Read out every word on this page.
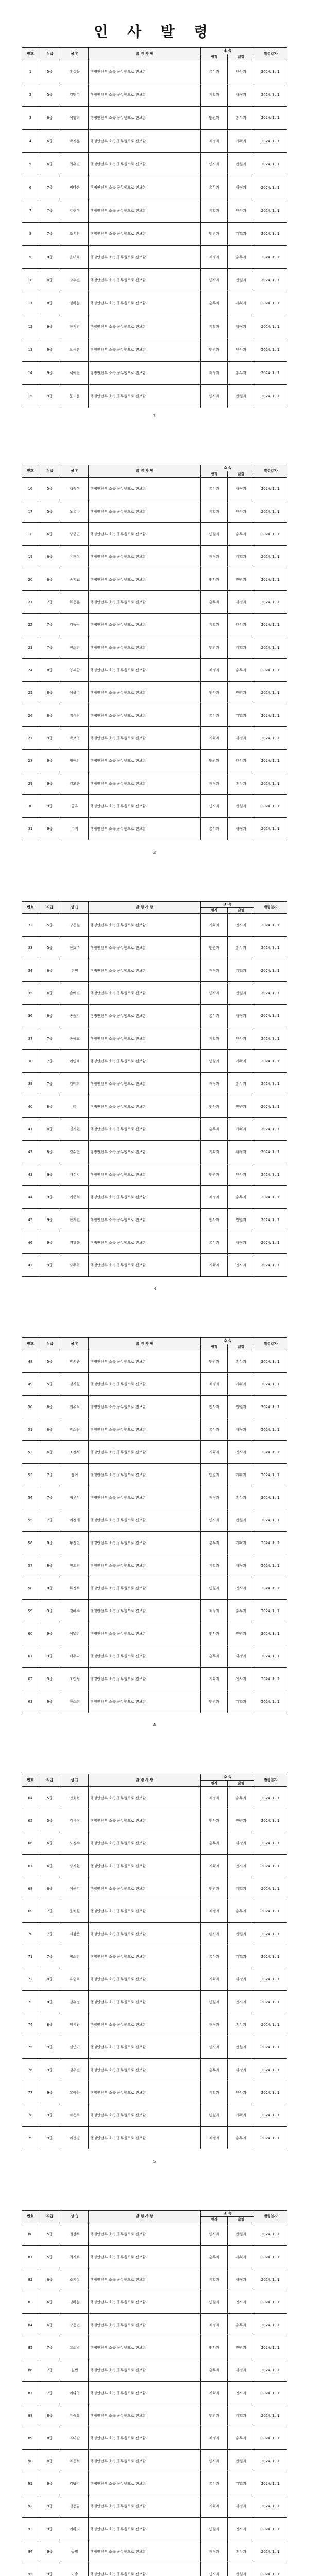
인 사 발 령
번호	직급	성 명	발 령 사 항	소 속		발령일자
				현직	발령	
1	5급	홍길동	행정안전부 소속 공무원으로 전보함	총무과	인사과	2024. 1. 1.
2	5급	김민수	행정안전부 소속 공무원으로 전보함	기획과	재정과	2024. 1. 1.
3	6급	이영희	행정안전부 소속 공무원으로 전보함	민원과	총무과	2024. 1. 1.
4	6급	박지훈	행정안전부 소속 공무원으로 전보함	재정과	기획과	2024. 1. 1.
5	6급	최유진	행정안전부 소속 공무원으로 전보함	인사과	민원과	2024. 1. 1.
6	7급	정다은	행정안전부 소속 공무원으로 전보함	총무과	재정과	2024. 1. 1.
7	7급	강현우	행정안전부 소속 공무원으로 전보함	기획과	인사과	2024. 1. 1.
8	7급	조서연	행정안전부 소속 공무원으로 전보함	민원과	기획과	2024. 1. 1.
9	8급	윤태호	행정안전부 소속 공무원으로 전보함	재정과	총무과	2024. 1. 1.
10	8급	장수빈	행정안전부 소속 공무원으로 전보함	인사과	민원과	2024. 1. 1.
11	8급	임하늘	행정안전부 소속 공무원으로 전보함	총무과	기획과	2024. 1. 1.
12	9급	한지민	행정안전부 소속 공무원으로 전보함	기획과	재정과	2024. 1. 1.
13	9급	오세훈	행정안전부 소속 공무원으로 전보함	민원과	인사과	2024. 1. 1.
14	9급	서예진	행정안전부 소속 공무원으로 전보함	재정과	총무과	2024. 1. 1.
15	9급	문도윤	행정안전부 소속 공무원으로 전보함	인사과	민원과	2024. 1. 1.
1
번호	직급	성 명	발 령 사 항	소 속		발령일자
				현직	발령	
16	5급	백승우	행정안전부 소속 공무원으로 전보함	총무과	재정과	2024. 1. 1.
17	5급	노유나	행정안전부 소속 공무원으로 전보함	기획과	인사과	2024. 1. 1.
18	6급	남궁민	행정안전부 소속 공무원으로 전보함	민원과	총무과	2024. 1. 1.
19	6급	유재석	행정안전부 소속 공무원으로 전보함	재정과	기획과	2024. 1. 1.
20	6급	송지효	행정안전부 소속 공무원으로 전보함	인사과	민원과	2024. 1. 1.
21	7급	하동훈	행정안전부 소속 공무원으로 전보함	총무과	재정과	2024. 1. 1.
22	7급	김종국	행정안전부 소속 공무원으로 전보함	기획과	인사과	2024. 1. 1.
23	7급	전소민	행정안전부 소속 공무원으로 전보함	민원과	기획과	2024. 1. 1.
24	8급	양세찬	행정안전부 소속 공무원으로 전보함	재정과	총무과	2024. 1. 1.
25	8급	이광수	행정안전부 소속 공무원으로 전보함	인사과	민원과	2024. 1. 1.
26	8급	지석진	행정안전부 소속 공무원으로 전보함	총무과	기획과	2024. 1. 1.
27	9급	박보영	행정안전부 소속 공무원으로 전보함	기획과	재정과	2024. 1. 1.
28	9급	정해인	행정안전부 소속 공무원으로 전보함	민원과	인사과	2024. 1. 1.
29	9급	김고은	행정안전부 소속 공무원으로 전보함	재정과	총무과	2024. 1. 1.
30	9급	공유	행정안전부 소속 공무원으로 전보함	인사과	민원과	2024. 1. 1.
31	9급	수지	행정안전부 소속 공무원으로 전보함	총무과	재정과	2024. 1. 1.
2
번호	직급	성 명	발 령 사 항	소 속		발령일자
				현직	발령	
32	5급	강동원	행정안전부 소속 공무원으로 전보함	기획과	인사과	2024. 1. 1.
33	5급	한효주	행정안전부 소속 공무원으로 전보함	민원과	총무과	2024. 1. 1.
34	6급	현빈	행정안전부 소속 공무원으로 전보함	재정과	기획과	2024. 1. 1.
35	6급	손예진	행정안전부 소속 공무원으로 전보함	인사과	민원과	2024. 1. 1.
36	6급	송중기	행정안전부 소속 공무원으로 전보함	총무과	재정과	2024. 1. 1.
37	7급	송혜교	행정안전부 소속 공무원으로 전보함	기획과	인사과	2024. 1. 1.
38	7급	이민호	행정안전부 소속 공무원으로 전보함	민원과	기획과	2024. 1. 1.
39	7급	김태희	행정안전부 소속 공무원으로 전보함	재정과	총무과	2024. 1. 1.
40	8급	비	행정안전부 소속 공무원으로 전보함	인사과	민원과	2024. 1. 1.
41	8급	전지현	행정안전부 소속 공무원으로 전보함	총무과	기획과	2024. 1. 1.
42	8급	김수현	행정안전부 소속 공무원으로 전보함	기획과	재정과	2024. 1. 1.
43	9급	배수지	행정안전부 소속 공무원으로 전보함	민원과	인사과	2024. 1. 1.
44	9급	이종석	행정안전부 소속 공무원으로 전보함	재정과	총무과	2024. 1. 1.
45	9급	한지민	행정안전부 소속 공무원으로 전보함	인사과	민원과	2024. 1. 1.
46	9급	지창욱	행정안전부 소속 공무원으로 전보함	총무과	재정과	2024. 1. 1.
47	9급	남주혁	행정안전부 소속 공무원으로 전보함	기획과	인사과	2024. 1. 1.
3
번호	직급	성 명	발 령 사 항	소 속		발령일자
				현직	발령	
48	5급	박서준	행정안전부 소속 공무원으로 전보함	민원과	총무과	2024. 1. 1.
49	5급	김지원	행정안전부 소속 공무원으로 전보함	재정과	기획과	2024. 1. 1.
50	6급	최우식	행정안전부 소속 공무원으로 전보함	인사과	민원과	2024. 1. 1.
51	6급	박소담	행정안전부 소속 공무원으로 전보함	총무과	재정과	2024. 1. 1.
52	6급	조정석	행정안전부 소속 공무원으로 전보함	기획과	인사과	2024. 1. 1.
53	7급	윤아	행정안전부 소속 공무원으로 전보함	민원과	기획과	2024. 1. 1.
54	7급	정우성	행정안전부 소속 공무원으로 전보함	재정과	총무과	2024. 1. 1.
55	7급	이정재	행정안전부 소속 공무원으로 전보함	인사과	민원과	2024. 1. 1.
56	8급	황정민	행정안전부 소속 공무원으로 전보함	총무과	기획과	2024. 1. 1.
57	8급	전도연	행정안전부 소속 공무원으로 전보함	기획과	재정과	2024. 1. 1.
58	8급	하정우	행정안전부 소속 공무원으로 전보함	민원과	인사과	2024. 1. 1.
59	9급	김혜수	행정안전부 소속 공무원으로 전보함	재정과	총무과	2024. 1. 1.
60	9급	이병헌	행정안전부 소속 공무원으로 전보함	인사과	민원과	2024. 1. 1.
61	9급	배두나	행정안전부 소속 공무원으로 전보함	총무과	재정과	2024. 1. 1.
62	9급	조인성	행정안전부 소속 공무원으로 전보함	기획과	인사과	2024. 1. 1.
63	9급	한소희	행정안전부 소속 공무원으로 전보함	민원과	기획과	2024. 1. 1.
4
번호	직급	성 명	발 령 사 항	소 속		발령일자
				현직	발령	
64	5급	안효섭	행정안전부 소속 공무원으로 전보함	재정과	총무과	2024. 1. 1.
65	5급	김세정	행정안전부 소속 공무원으로 전보함	인사과	민원과	2024. 1. 1.
66	6급	도경수	행정안전부 소속 공무원으로 전보함	총무과	재정과	2024. 1. 1.
67	6급	남지현	행정안전부 소속 공무원으로 전보함	기획과	인사과	2024. 1. 1.
68	6급	이준기	행정안전부 소속 공무원으로 전보함	민원과	기획과	2024. 1. 1.
69	7급	문채원	행정안전부 소속 공무원으로 전보함	재정과	총무과	2024. 1. 1.
70	7급	서강준	행정안전부 소속 공무원으로 전보함	인사과	민원과	2024. 1. 1.
71	7급	정소민	행정안전부 소속 공무원으로 전보함	총무과	기획과	2024. 1. 1.
72	8급	유승호	행정안전부 소속 공무원으로 전보함	기획과	재정과	2024. 1. 1.
73	8급	김유정	행정안전부 소속 공무원으로 전보함	민원과	인사과	2024. 1. 1.
74	8급	임시완	행정안전부 소속 공무원으로 전보함	재정과	총무과	2024. 1. 1.
75	9급	신민아	행정안전부 소속 공무원으로 전보함	인사과	민원과	2024. 1. 1.
76	9급	김우빈	행정안전부 소속 공무원으로 전보함	총무과	재정과	2024. 1. 1.
77	9급	고아라	행정안전부 소속 공무원으로 전보함	기획과	인사과	2024. 1. 1.
78	9급	차은우	행정안전부 소속 공무원으로 전보함	민원과	기획과	2024. 1. 1.
79	9급	이성경	행정안전부 소속 공무원으로 전보함	재정과	총무과	2024. 1. 1.
5
번호	직급	성 명	발 령 사 항	소 속		발령일자
				현직	발령	
80	5급	권상우	행정안전부 소속 공무원으로 전보함	인사과	민원과	2024. 1. 1.
81	5급	최지우	행정안전부 소속 공무원으로 전보함	총무과	기획과	2024. 1. 1.
82	6급	소지섭	행정안전부 소속 공무원으로 전보함	기획과	재정과	2024. 1. 1.
83	6급	김하늘	행정안전부 소속 공무원으로 전보함	민원과	인사과	2024. 1. 1.
84	6급	장동건	행정안전부 소속 공무원으로 전보함	재정과	총무과	2024. 1. 1.
85	7급	고소영	행정안전부 소속 공무원으로 전보함	인사과	민원과	2024. 1. 1.
86	7급	원빈	행정안전부 소속 공무원으로 전보함	총무과	재정과	2024. 1. 1.
87	7급	이나영	행정안전부 소속 공무원으로 전보함	기획과	인사과	2024. 1. 1.
88	8급	류승룡	행정안전부 소속 공무원으로 전보함	민원과	기획과	2024. 1. 1.
89	8급	라미란	행정안전부 소속 공무원으로 전보함	재정과	총무과	2024. 1. 1.
90	8급	마동석	행정안전부 소속 공무원으로 전보함	인사과	민원과	2024. 1. 1.
91	9급	김향기	행정안전부 소속 공무원으로 전보함	총무과	기획과	2024. 1. 1.
92	9급	진선규	행정안전부 소속 공무원으로 전보함	기획과	재정과	2024. 1. 1.
93	9급	이하늬	행정안전부 소속 공무원으로 전보함	민원과	인사과	2024. 1. 1.
94	9급	공명	행정안전부 소속 공무원으로 전보함	재정과	총무과	2024. 1. 1.
95	9급	이솜	행정안전부 소속 공무원으로 전보함	인사과	민원과	2024. 1. 1.
